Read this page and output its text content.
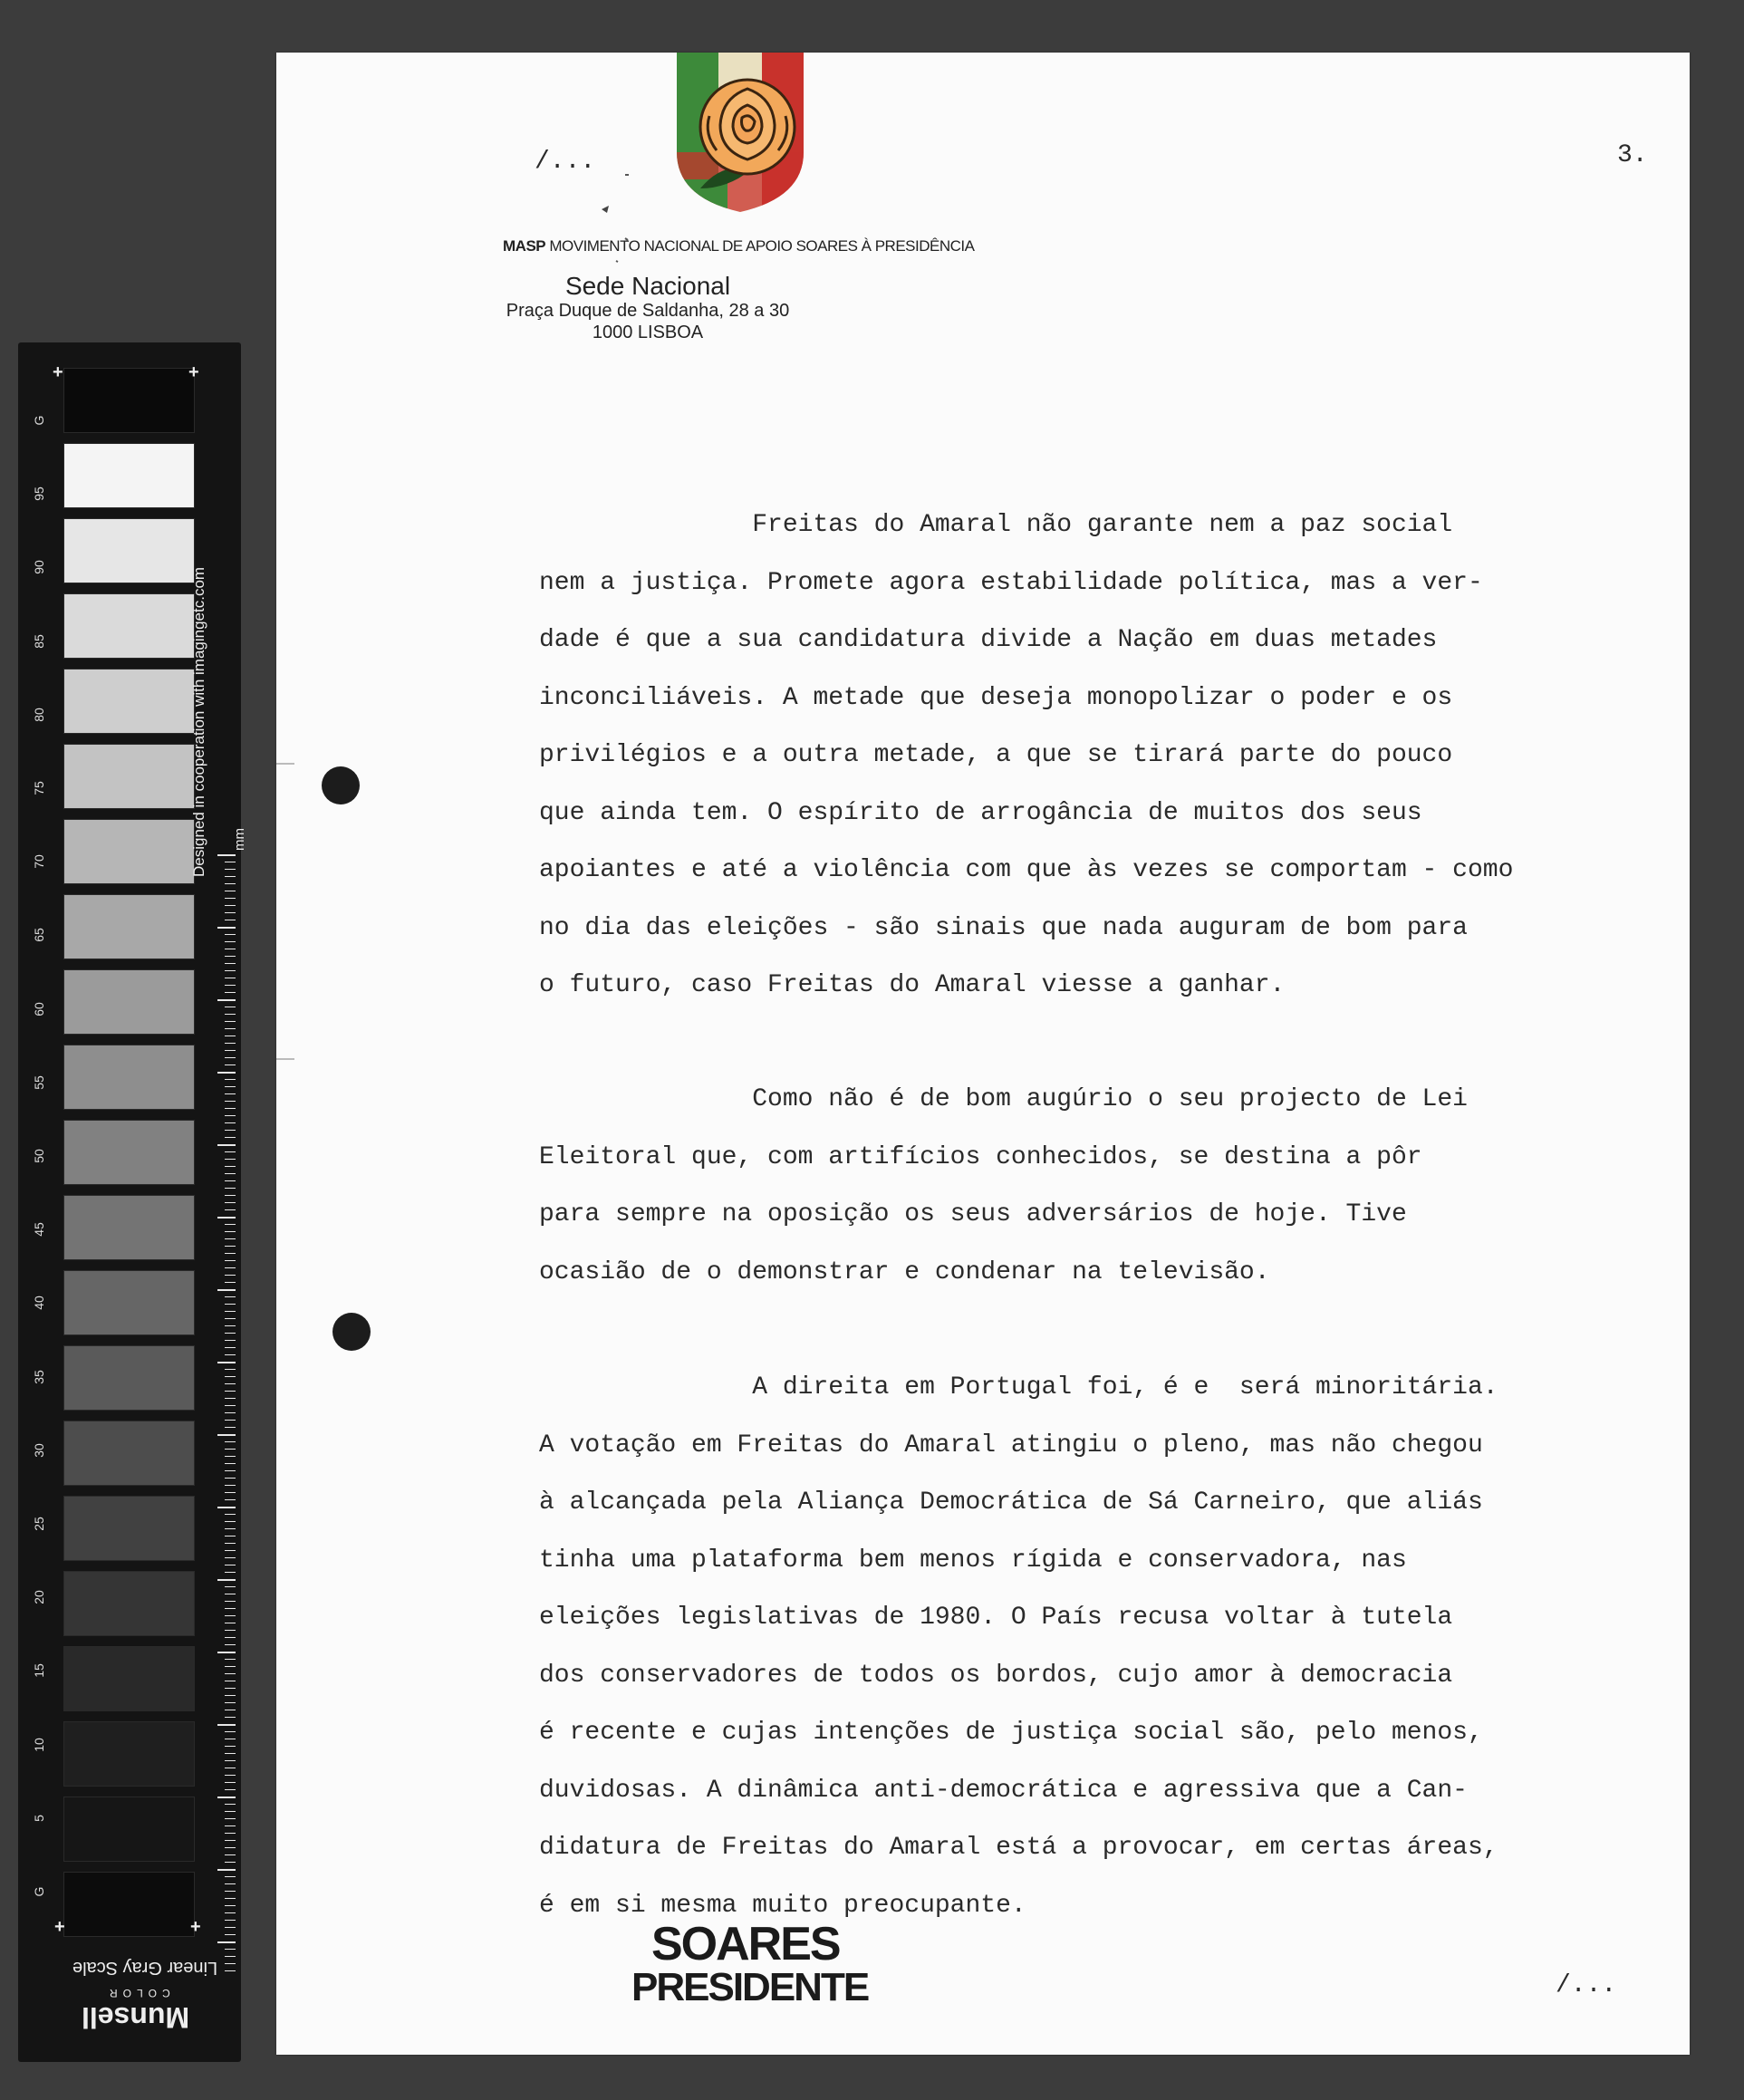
G
95
90
85
80
75
70
65
60
55
50
45
40
35
30
25
20
15
10
5
G
Designed in cooperation with imagingetc.com mm
+	+
+	+
Linear Gray Scale
COLOR
Munsell
/...	3.
MASP MOVIMENTO NACIONAL DE APOIO SOARES À PRESIDÊNCIA
Sede Nacional
Praça Duque de Saldanha, 28 a 30
1000 LISBOA
Freitas do Amaral não garante nem a paz social
nem a justiça. Promete agora estabilidade política, mas a ver-
dade é que a sua candidatura divide a Nação em duas metades
inconciliáveis. A metade que deseja monopolizar o poder e os
privilégios e a outra metade, a que se tirará parte do pouco
que ainda tem. O espírito de arrogância de muitos dos seus
apoiantes e até a violência com que às vezes se comportam - como
no dia das eleições - são sinais que nada auguram de bom para
o futuro, caso Freitas do Amaral viesse a ganhar.
Como não é de bom augúrio o seu projecto de Lei
Eleitoral que, com artifícios conhecidos, se destina a pôr
para sempre na oposição os seus adversários de hoje. Tive
ocasião de o demonstrar e condenar na televisão.
A direita em Portugal foi, é e  será minoritária.
A votação em Freitas do Amaral atingiu o pleno, mas não chegou
à alcançada pela Aliança Democrática de Sá Carneiro, que aliás
tinha uma plataforma bem menos rígida e conservadora, nas
eleições legislativas de 1980. O País recusa voltar à tutela
dos conservadores de todos os bordos, cujo amor à democracia
é recente e cujas intenções de justiça social são, pelo menos,
duvidosas. A dinâmica anti-democrática e agressiva que a Can-
didatura de Freitas do Amaral está a provocar, em certas áreas,
é em si mesma muito preocupante.
SOARES
PRESIDENTE	/...
